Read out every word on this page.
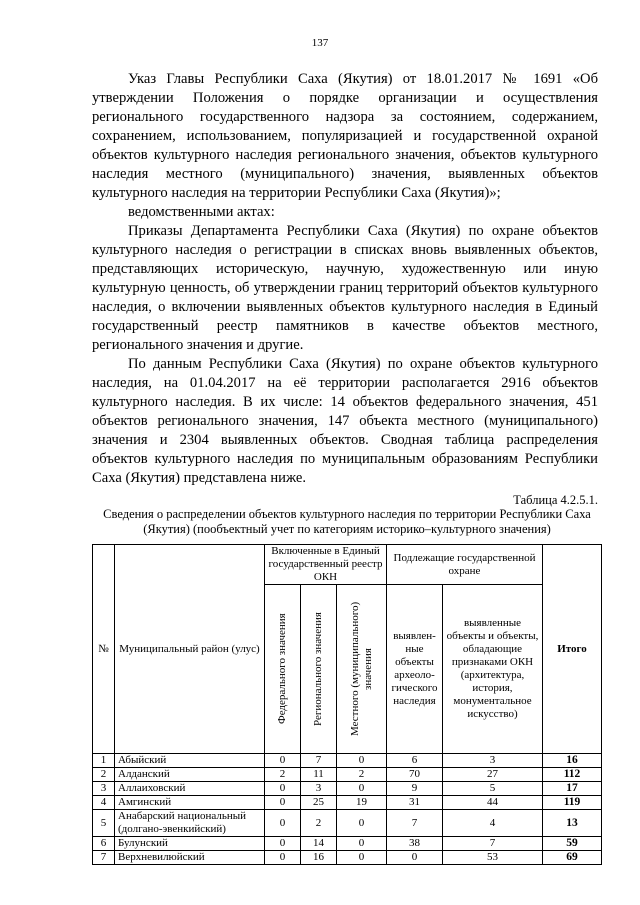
137

Указ Главы Республики Саха (Якутия) от 18.01.2017 № 1691 «Об утверждении Положения о порядке организации и осуществления регионального государственного надзора за состоянием, содержанием, сохранением, использованием, популяризацией и государственной охраной объектов культурного наследия регионального значения, объектов культурного наследия местного (муниципального) значения, выявленных объектов культурного наследия на территории Республики Саха (Якутия)»;

ведомственными актах:

Приказы Департамента Республики Саха (Якутия) по охране объектов культурного наследия о регистрации в списках вновь выявленных объектов, представляющих историческую, научную, художественную или иную культурную ценность, об утверждении границ территорий объектов культурного наследия, о включении выявленных объектов культурного наследия в Единый государственный реестр памятников в качестве объектов местного, регионального значения и другие.

По данным Республики Саха (Якутия) по охране объектов культурного наследия, на 01.04.2017 на её территории располагается 2916 объектов культурного наследия. В их числе: 14 объектов федерального значения, 451 объектов регионального значения, 147 объекта местного (муниципального) значения и 2304 выявленных объектов. Сводная таблица распределения объектов культурного наследия по муниципальным образованиям Республики Саха (Якутия) представлена ниже.

Таблица 4.2.5.1.
Сведения о распределении объектов культурного наследия по территории Республики Саха (Якутия) (пообъектный учет по категориям историко–культурного значения)
№	Муниципальный район (улус)	Включенные в Единый государственный реестр ОКН			Подлежащие государственной охране		Итого

		Федерального значения	Регионального значения	Местного (муниципального) значения	выявленные объекты археологического наследия	выявленные объекты и объекты, обладающие признаками ОКН (архитектура, история, монументальное искусство)	
1	Абыйский	0	7	0	6	3	16
2	Алданский	2	11	2	70	27	112
3	Аллаиховский	0	3	0	9	5	17
4	Амгинский	0	25	19	31	44	119
5	Анабарский национальный (долгано-эвенкийский)	0	2	0	7	4	13
6	Булунский	0	14	0	38	7	59
7	Верхневилюйский	0	16	0	0	53	69
